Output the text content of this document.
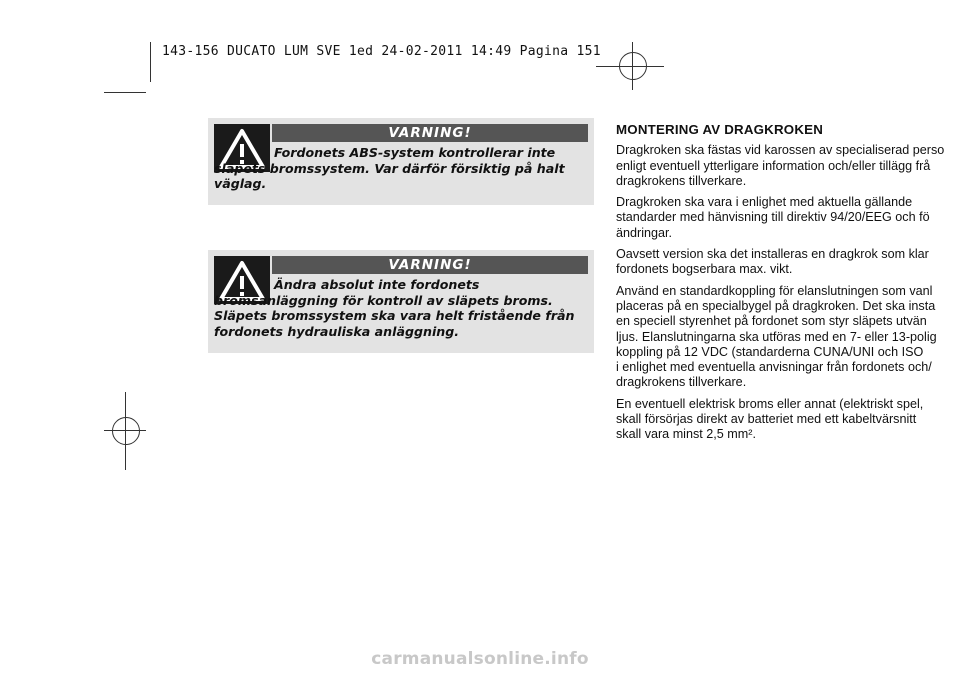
143-156 DUCATO LUM SVE 1ed 24-02-2011 14:49 Pagina 151
VARNING!
Fordonets ABS-system kontrollerar inte släpets bromssystem. Var därför försiktig på halt väglag.
VARNING!
Ändra absolut inte fordonets bromsanläggning för kontroll av släpets broms. Släpets bromssystem ska vara helt fristående från fordonets hydrauliska anläggning.
MONTERING AV DRAGKROKEN

Dragkroken ska fästas vid karossen av specialiserad perso
enligt eventuell ytterligare information och/eller tillägg frå
dragkrokens tillverkare.

Dragkroken ska vara i enlighet med aktuella gällande
standarder med hänvisning till direktiv 94/20/EEG och fö
ändringar.

Oavsett version ska det installeras en dragkrok som klar
fordonets bogserbara max. vikt.

Använd en standardkoppling för elanslutningen som vanl
placeras på en specialbygel på dragkroken. Det ska insta
en speciell styrenhet på fordonet som styr släpets utvän
ljus. Elanslutningarna ska utföras med en 7- eller 13-polig
koppling på 12 VDC (standarderna CUNA/UNI och ISO
i enlighet med eventuella anvisningar från fordonets och/
dragkrokens tillverkare.

En eventuell elektrisk broms eller annat (elektriskt spel,
skall försörjas direkt av batteriet med ett kabeltvärsnitt
skall vara minst 2,5 mm².

carmanualsonline.info
